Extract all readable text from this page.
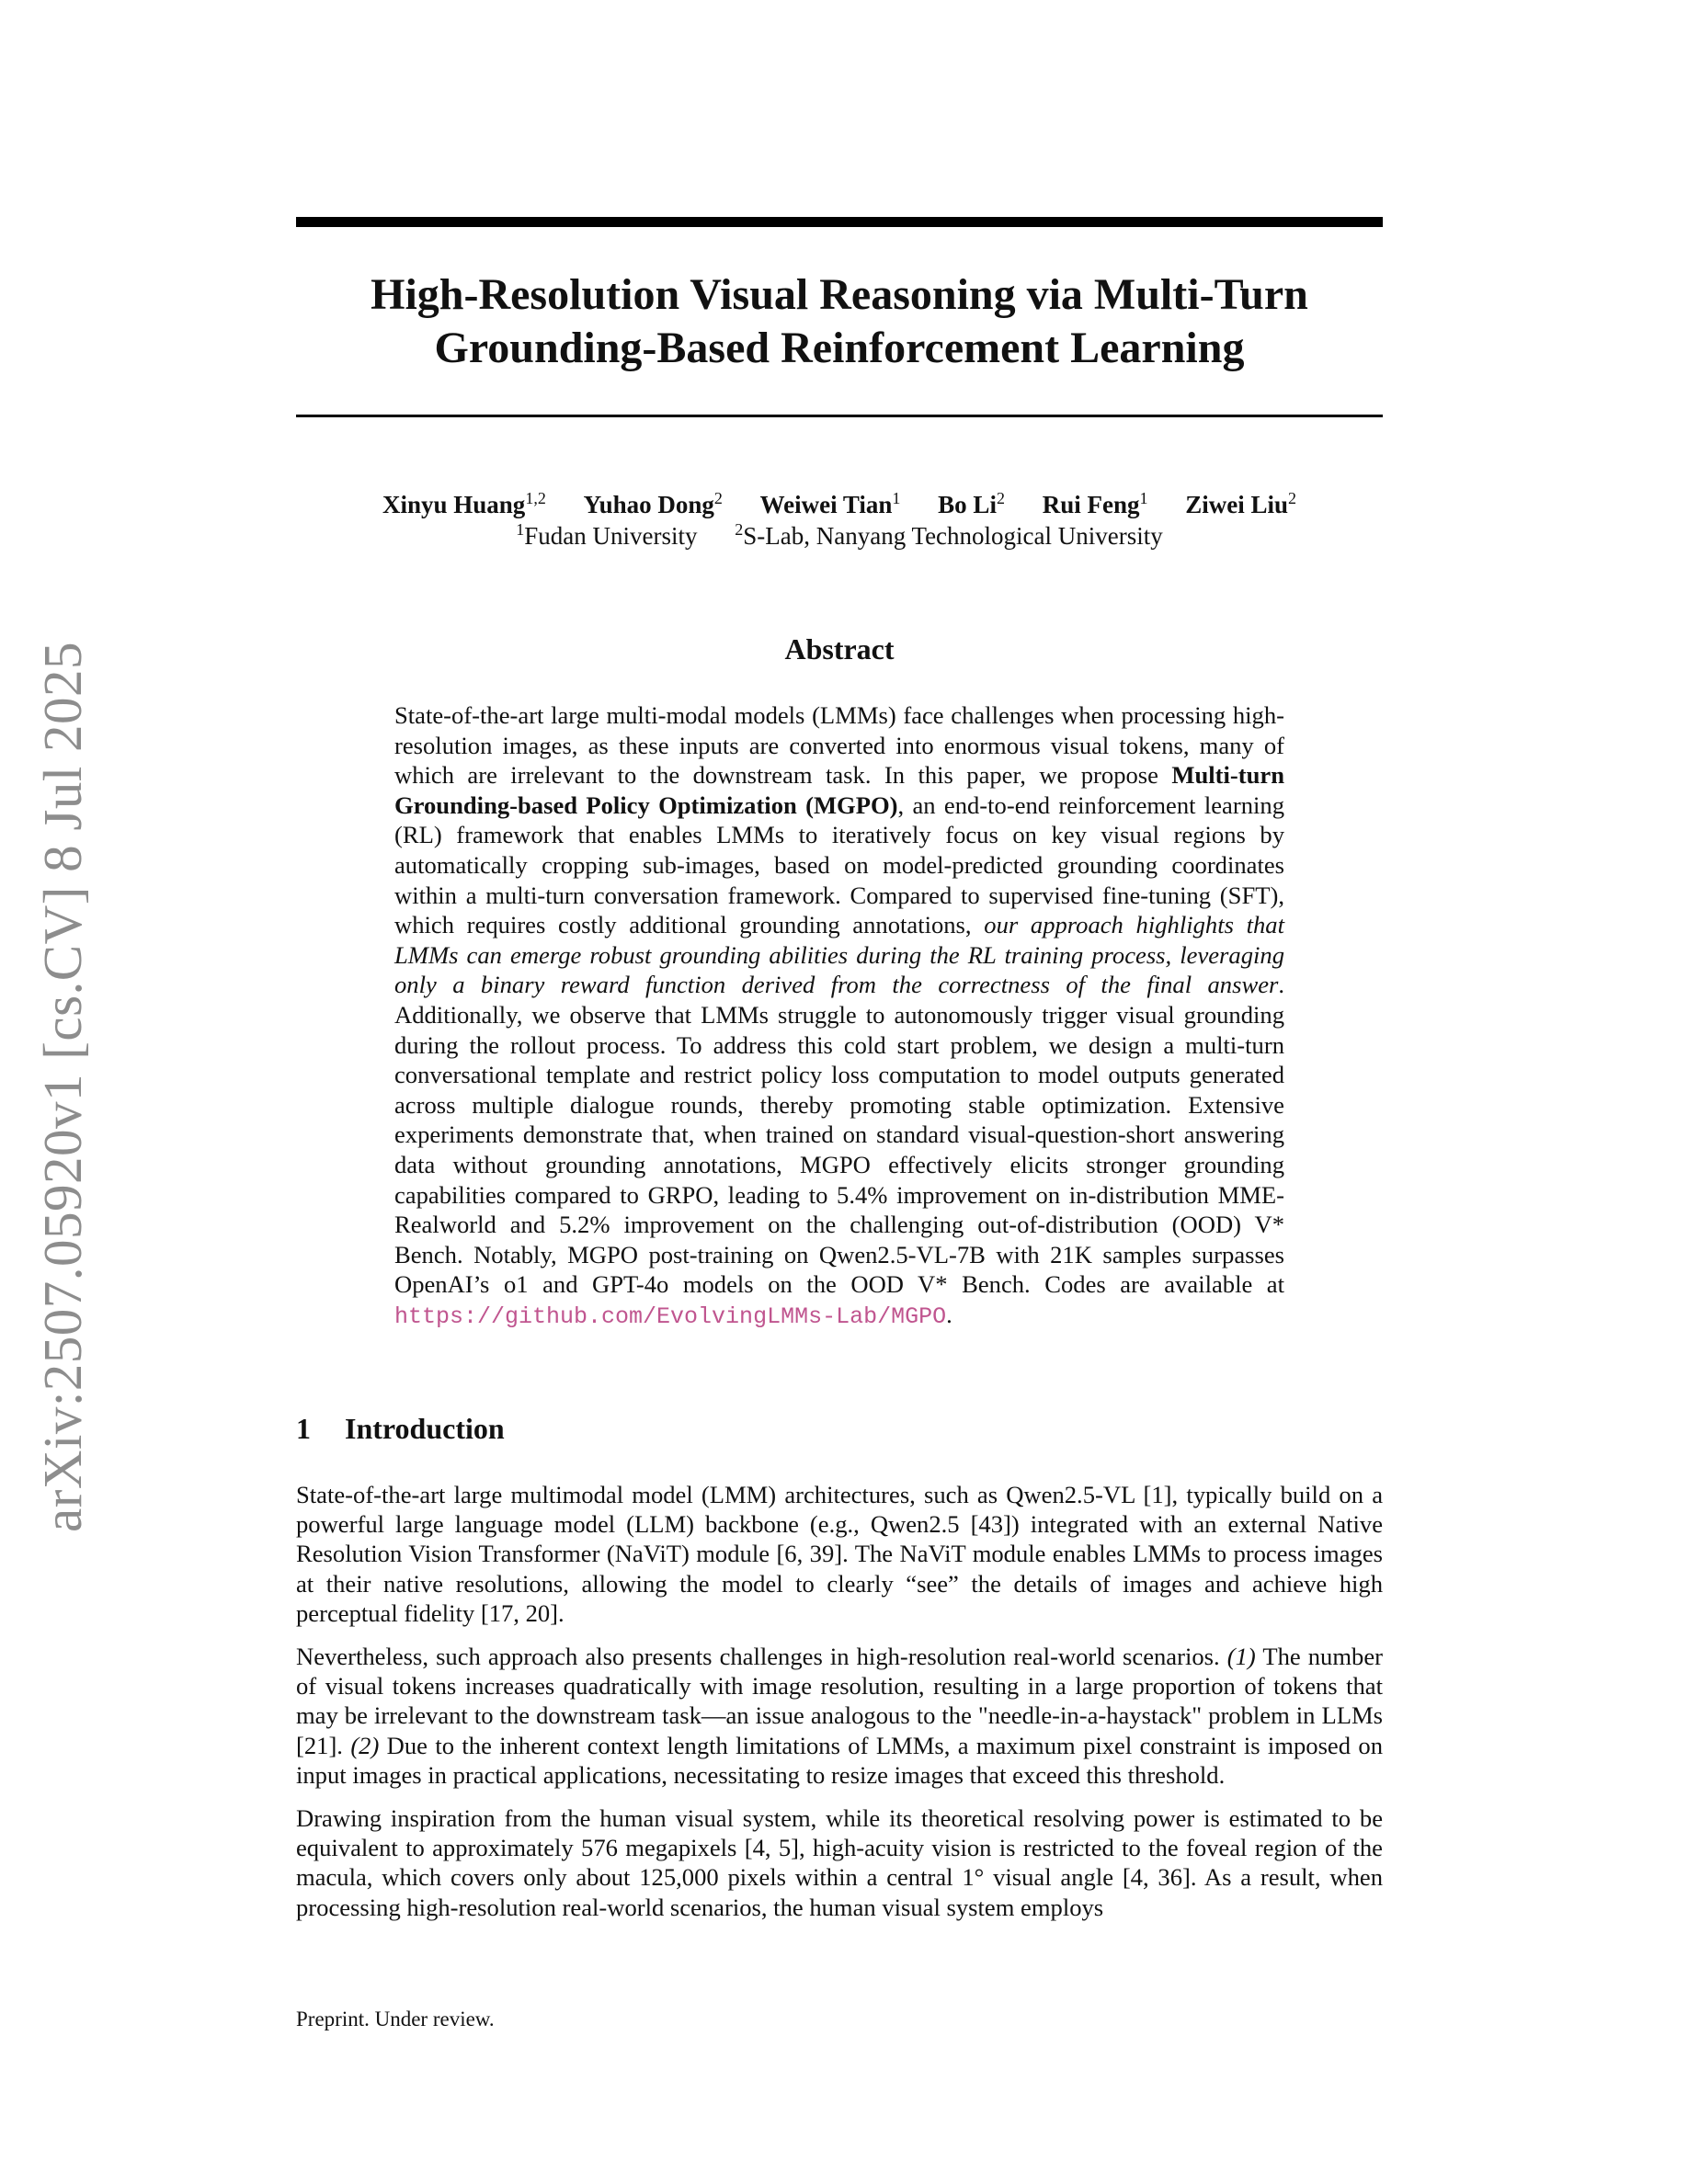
arXiv:2507.05920v1 [cs.CV] 8 Jul 2025
High-Resolution Visual Reasoning via Multi-Turn
Grounding-Based Reinforcement Learning
Xinyu Huang$^{1,2}$ Yuhao Dong$^2$ Weiwei Tian$^1$ Bo Li$^2$ Rui Feng$^1$ Ziwei Liu$^2$
$^1$Fudan University $^2$S-Lab, Nanyang Technological University
Abstract
State-of-the-art large multi-modal models (LMMs) face challenges when processing high-resolution images, as these inputs are converted into enormous visual tokens, many of which are irrelevant to the downstream task. In this paper, we propose Multi-turn Grounding-based Policy Optimization (MGPO), an end-to-end reinforcement learning (RL) framework that enables LMMs to iteratively focus on key visual regions by automatically cropping sub-images, based on model-predicted grounding coordinates within a multi-turn conversation framework. Compared to supervised fine-tuning (SFT), which requires costly additional grounding annotations, our approach highlights that LMMs can emerge robust grounding abilities during the RL training process, leveraging only a binary reward function derived from the correctness of the final answer. Additionally, we observe that LMMs struggle to autonomously trigger visual grounding during the rollout process. To address this cold start problem, we design a multi-turn conversational template and restrict policy loss computation to model outputs generated across multiple dialogue rounds, thereby promoting stable optimization. Extensive experiments demonstrate that, when trained on standard visual-question-short answering data without grounding annotations, MGPO effectively elicits stronger grounding capabilities compared to GRPO, leading to 5.4% improvement on in-distribution MME-Realworld and 5.2% improvement on the challenging out-of-distribution (OOD) V* Bench. Notably, MGPO post-training on Qwen2.5-VL-7B with 21K samples surpasses OpenAI’s o1 and GPT-4o models on the OOD V* Bench. Codes are available at https://github.com/EvolvingLMMs-Lab/MGPO.
1 Introduction

State-of-the-art large multimodal model (LMM) architectures, such as Qwen2.5-VL [1], typically build on a powerful large language model (LLM) backbone (e.g., Qwen2.5 [43]) integrated with an external Native Resolution Vision Transformer (NaViT) module [6, 39]. The NaViT module enables LMMs to process images at their native resolutions, allowing the model to clearly “see” the details of images and achieve high perceptual fidelity [17, 20].

Nevertheless, such approach also presents challenges in high-resolution real-world scenarios. (1) The number of visual tokens increases quadratically with image resolution, resulting in a large proportion of tokens that may be irrelevant to the downstream task—an issue analogous to the "needle-in-a-haystack" problem in LLMs [21]. (2) Due to the inherent context length limitations of LMMs, a maximum pixel constraint is imposed on input images in practical applications, necessitating to resize images that exceed this threshold.

Drawing inspiration from the human visual system, while its theoretical resolving power is estimated to be equivalent to approximately 576 megapixels [4, 5], high-acuity vision is restricted to the foveal region of the macula, which covers only about 125,000 pixels within a central 1° visual angle [4, 36]. As a result, when processing high-resolution real-world scenarios, the human visual system employs

Preprint. Under review.
